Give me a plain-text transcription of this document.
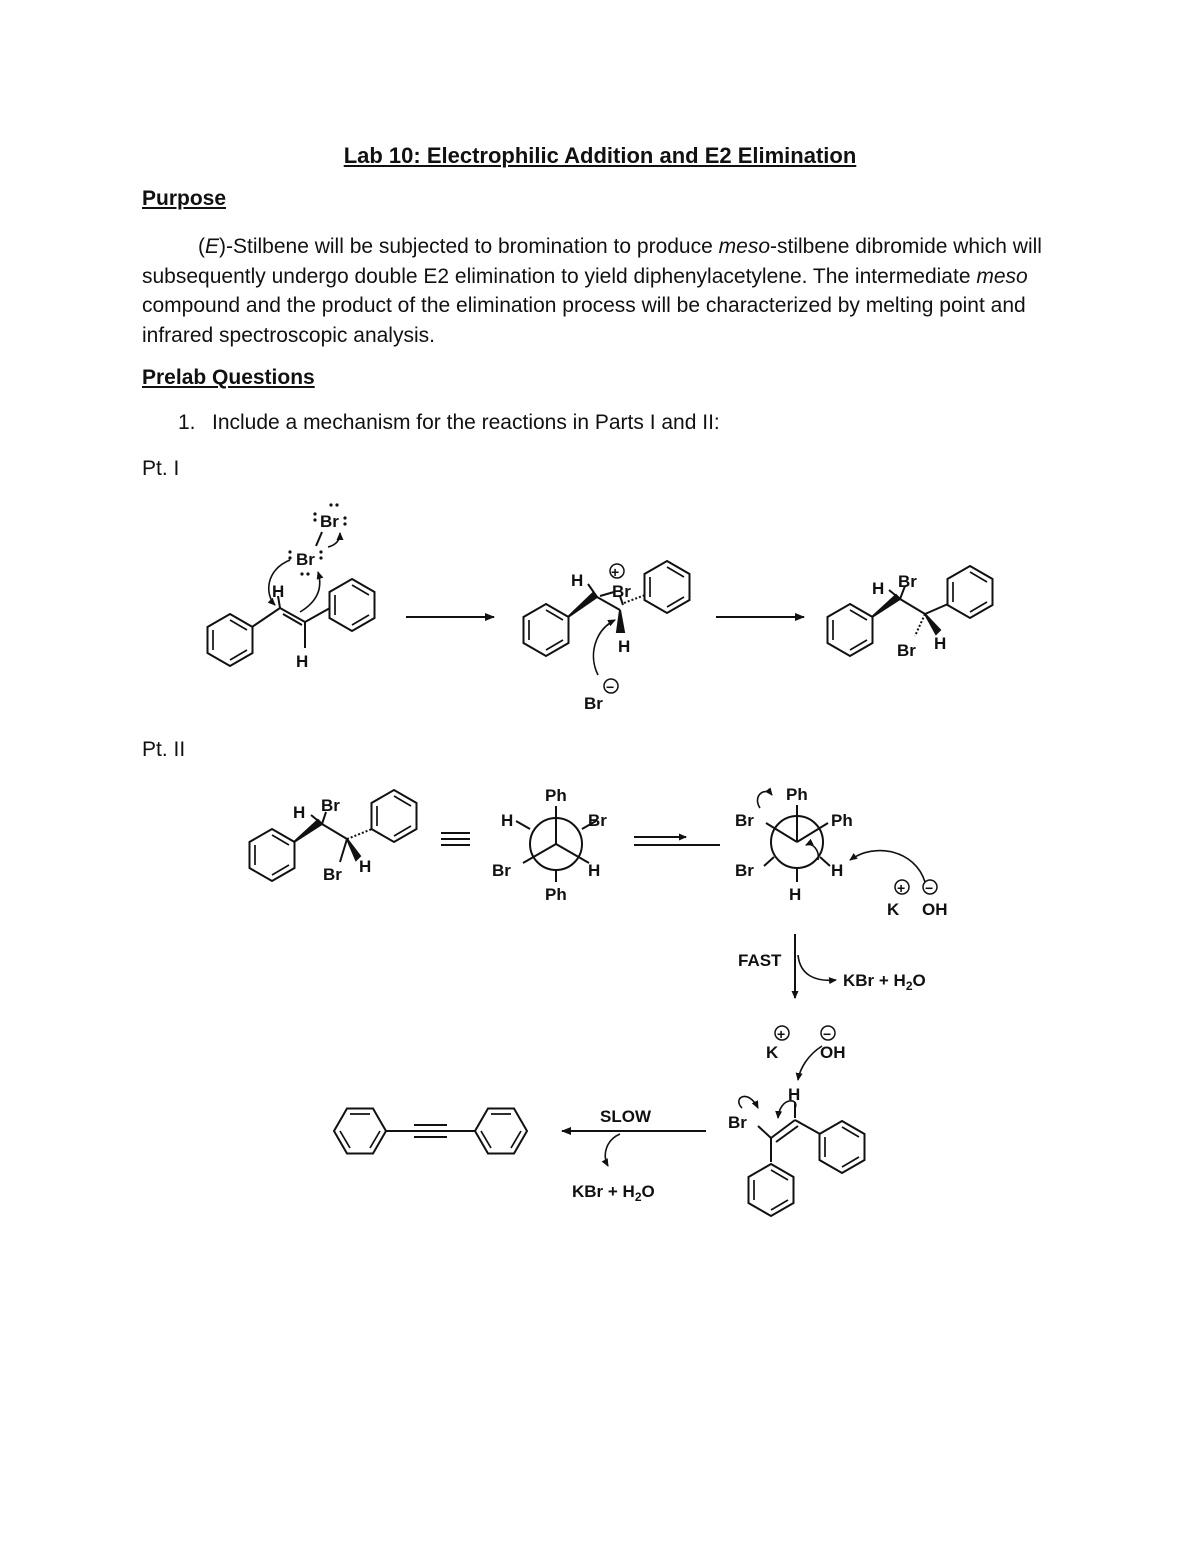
Lab 10: Electrophilic Addition and E2 Elimination
Purpose
(E)-Stilbene will be subjected to bromination to produce meso-stilbene dibromide which will subsequently undergo double E2 elimination to yield diphenylacetylene. The intermediate meso compound and the product of the elimination process will be characterized by melting point and infrared spectroscopic analysis.
Prelab Questions
1. Include a mechanism for the reactions in Parts I and II:
Pt. I
Pt. II
H
H
Br
Br
H
Br
H
Br
+
−
H Br
Br H
H Br
Br H
Ph
H	Br
Br	H
Ph
Ph
Br	Ph
Br	H
H	+ −
K OH
FAST
KBr + $H_2O$
+	−
K OH
H
Br
SLOW
KBr + $H_2O$
